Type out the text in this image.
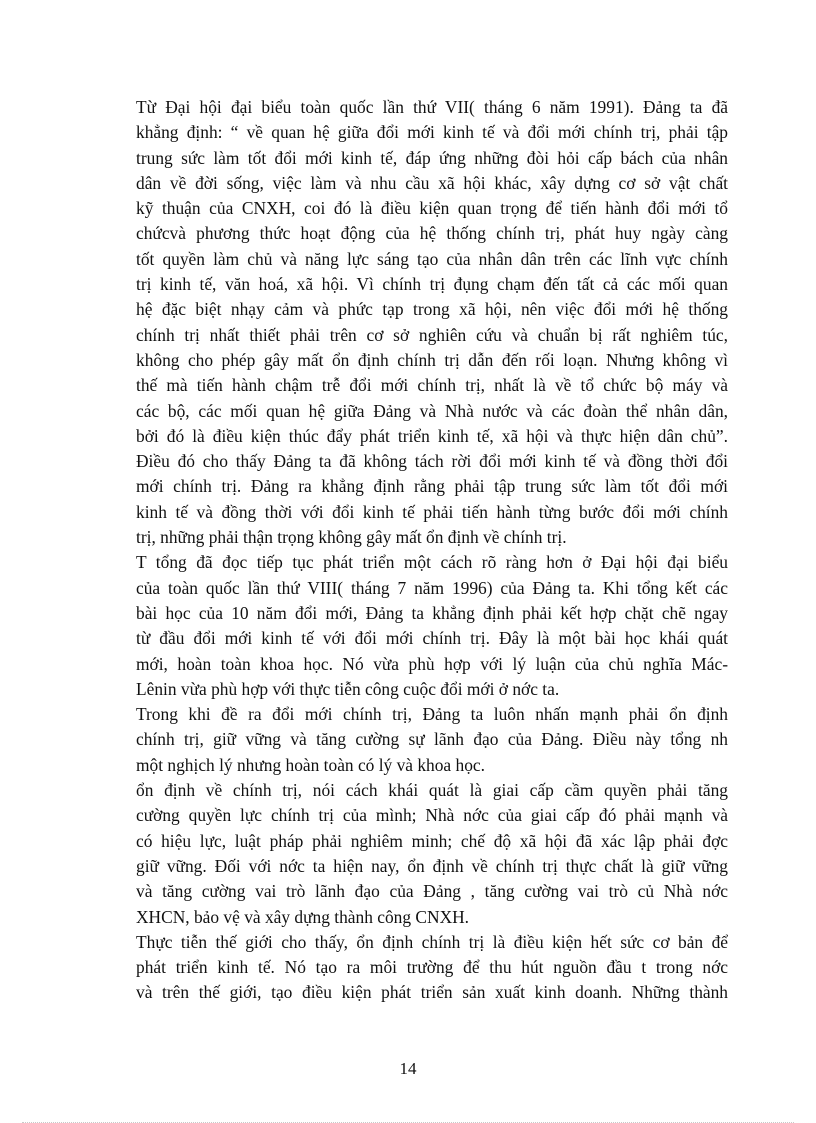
Từ Đại hội đại biểu toàn quốc lần thứ VII( tháng 6 năm 1991). Đảng ta đã
khẳng định: “ về quan hệ giữa đổi mới kinh tế và đổi mới chính trị, phải tập
trung sức làm tốt đổi mới kinh tế, đáp ứng những đòi hỏi cấp bách của nhân
dân về đời sống, việc làm và nhu cầu xã hội khác, xây dựng cơ sở vật chất
kỹ thuận của CNXH, coi đó là điều kiện quan trọng để tiến hành đổi mới tổ
chứcvà phương thức hoạt động của hệ thống chính trị, phát huy ngày càng
tốt quyền làm chủ và năng lực sáng tạo của nhân dân trên các lĩnh vực chính
trị kinh tế, văn hoá, xã hội. Vì chính trị đụng chạm đến tất cả các mối quan
hệ đặc biệt nhạy cảm và phức tạp trong xã hội, nên việc đổi mới hệ thống
chính trị nhất thiết phải trên cơ sở nghiên cứu và chuẩn bị rất nghiêm túc,
không cho phép gây mất ổn định chính trị dẫn đến rối loạn. Nhưng không vì
thế mà tiến hành chậm trễ đổi mới chính trị, nhất là về tổ chức bộ máy và
các bộ, các mối quan hệ giữa Đảng và Nhà nước và các đoàn thể nhân dân,
bởi đó là điều kiện thúc đẩy phát triển kinh tế, xã hội và thực hiện dân chủ”.
Điều đó cho thấy Đảng ta đã không tách rời đổi mới kinh tế và đồng thời đổi
mới chính trị. Đảng ra khẳng định rằng phải tập trung sức làm tốt đổi mới
kinh tế và đồng thời với đổi kinh tế phải tiến hành từng bước đổi mới chính
trị, những phải thận trọng không gây mất ổn định về chính trị.
T tổng đã đọc tiếp tục phát triển một cách rõ ràng hơn ở Đại hội đại biểu
của toàn quốc lần thứ VIII( tháng 7 năm 1996) của Đảng ta. Khi tổng kết các
bài học của 10 năm đổi mới, Đảng ta khẳng định phải kết hợp chặt chẽ ngay
từ đầu đổi mới kinh tế với đổi mới chính trị. Đây là một bài học khái quát
mới, hoàn toàn khoa học. Nó vừa phù hợp với lý luận của chủ nghĩa Mác-
Lênin vừa phù hợp với thực tiễn công cuộc đổi mới ở nớc ta.
Trong khi đề ra đổi mới chính trị, Đảng ta luôn nhấn mạnh phải ổn định
chính trị, giữ vững và tăng cường sự lãnh đạo của Đảng. Điều này tổng nh
một nghịch lý nhưng hoàn toàn có lý và khoa học.
ổn định về chính trị, nói cách khái quát là giai cấp cầm quyền phải tăng
cường quyền lực chính trị của mình; Nhà nớc của giai cấp đó phải mạnh và
có hiệu lực, luật pháp phải nghiêm minh; chế độ xã hội đã xác lập phải đợc
giữ vững. Đối với nớc ta hiện nay, ổn định về chính trị thực chất là giữ vững
và tăng cường vai trò lãnh đạo của Đảng , tăng cường vai trò củ Nhà nớc
XHCN, bảo vệ và xây dựng thành công CNXH.
Thực tiễn thế giới cho thấy, ổn định chính trị là điều kiện hết sức cơ bản để
phát triển kinh tế. Nó tạo ra môi trường để thu hút nguồn đầu t trong nớc
và trên thế giới, tạo điều kiện phát triển sản xuất kinh doanh. Những thành
14
